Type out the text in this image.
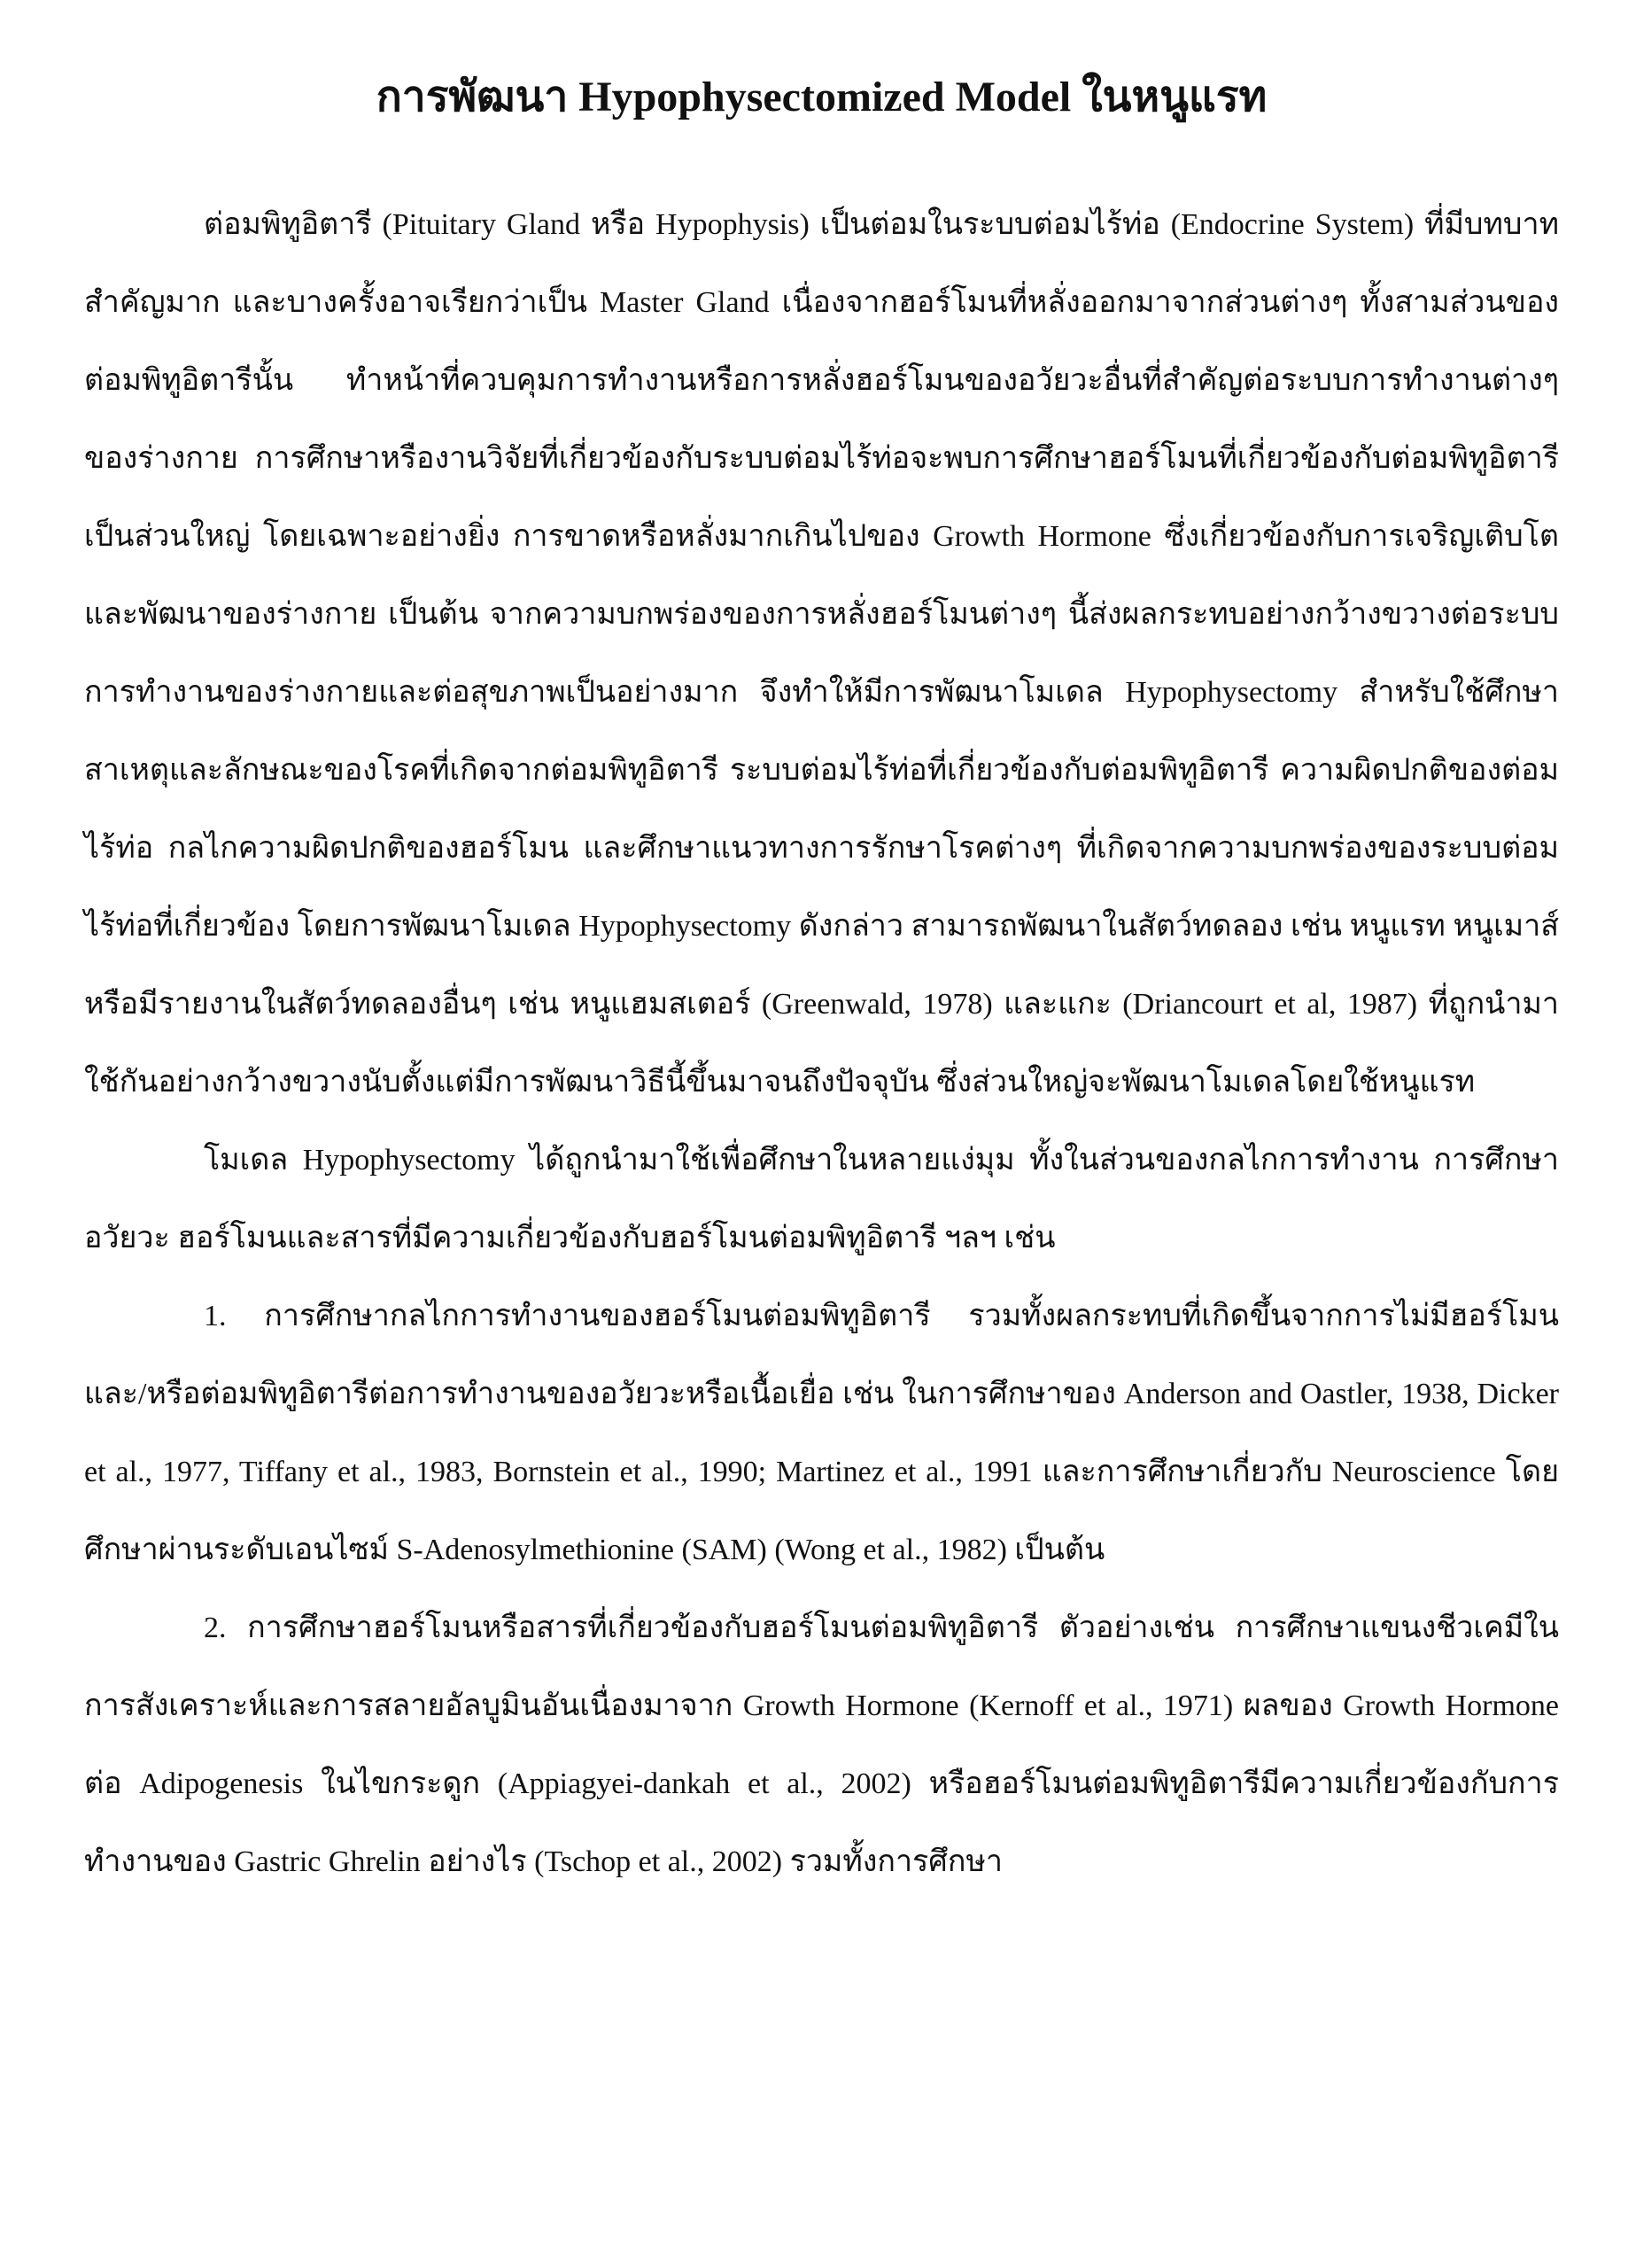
การพัฒนา Hypophysectomized Model ในหนูแรท

ต่อมพิทูอิตารี (Pituitary Gland หรือ Hypophysis) เป็นต่อมในระบบต่อมไร้ท่อ (Endocrine System) ที่มีบทบาทสำคัญมาก และบางครั้งอาจเรียกว่าเป็น Master Gland เนื่องจากฮอร์โมนที่หลั่งออกมาจากส่วนต่างๆ ทั้งสามส่วนของต่อมพิทูอิตารีนั้น ทำหน้าที่ควบคุมการทำงานหรือการหลั่งฮอร์โมนของอวัยวะอื่นที่สำคัญต่อระบบการทำงานต่างๆของร่างกาย การศึกษาหรืองานวิจัยที่เกี่ยวข้องกับระบบต่อมไร้ท่อจะพบการศึกษาฮอร์โมนที่เกี่ยวข้องกับต่อมพิทูอิตารีเป็นส่วนใหญ่ โดยเฉพาะอย่างยิ่ง การขาดหรือหลั่งมากเกินไปของ Growth Hormone ซึ่งเกี่ยวข้องกับการเจริญเติบโตและพัฒนาของร่างกาย เป็นต้น จากความบกพร่องของการหลั่งฮอร์โมนต่างๆ นี้ส่งผลกระทบอย่างกว้างขวางต่อระบบการทำงานของร่างกายและต่อสุขภาพเป็นอย่างมาก จึงทำให้มีการพัฒนาโมเดล Hypophysectomy สำหรับใช้ศึกษาสาเหตุและลักษณะของโรคที่เกิดจากต่อมพิทูอิตารี ระบบต่อมไร้ท่อที่เกี่ยวข้องกับต่อมพิทูอิตารี ความผิดปกติของต่อมไร้ท่อ กลไกความผิดปกติของฮอร์โมน และศึกษาแนวทางการรักษาโรคต่างๆ ที่เกิดจากความบกพร่องของระบบต่อมไร้ท่อที่เกี่ยวข้อง โดยการพัฒนาโมเดล Hypophysectomy ดังกล่าว สามารถพัฒนาในสัตว์ทดลอง เช่น หนูแรท หนูเมาส์ หรือมีรายงานในสัตว์ทดลองอื่นๆ เช่น หนูแฮมสเตอร์ (Greenwald, 1978) และแกะ (Driancourt et al, 1987) ที่ถูกนำมาใช้กันอย่างกว้างขวางนับตั้งแต่มีการพัฒนาวิธีนี้ขึ้นมาจนถึงปัจจุบัน ซึ่งส่วนใหญ่จะพัฒนาโมเดลโดยใช้หนูแรท

โมเดล Hypophysectomy ได้ถูกนำมาใช้เพื่อศึกษาในหลายแง่มุม ทั้งในส่วนของกลไกการทำงาน การศึกษาอวัยวะ ฮอร์โมนและสารที่มีความเกี่ยวข้องกับฮอร์โมนต่อมพิทูอิตารี ฯลฯ เช่น

1. การศึกษากลไกการทำงานของฮอร์โมนต่อมพิทูอิตารี รวมทั้งผลกระทบที่เกิดขึ้นจากการไม่มีฮอร์โมนและ/หรือต่อมพิทูอิตารีต่อการทำงานของอวัยวะหรือเนื้อเยื่อ เช่น ในการศึกษาของ Anderson and Oastler, 1938, Dicker et al., 1977, Tiffany et al., 1983, Bornstein et al., 1990; Martinez et al., 1991 และการศึกษาเกี่ยวกับ Neuroscience โดยศึกษาผ่านระดับเอนไซม์ S-Adenosylmethionine (SAM) (Wong et al., 1982) เป็นต้น

2. การศึกษาฮอร์โมนหรือสารที่เกี่ยวข้องกับฮอร์โมนต่อมพิทูอิตารี ตัวอย่างเช่น การศึกษาแขนงชีวเคมีในการสังเคราะห์และการสลายอัลบูมินอันเนื่องมาจาก Growth Hormone (Kernoff et al., 1971) ผลของ Growth Hormone ต่อ Adipogenesis ในไขกระดูก (Appiagyei-dankah et al., 2002) หรือฮอร์โมนต่อมพิทูอิตารีมีความเกี่ยวข้องกับการทำงานของ Gastric Ghrelin อย่างไร (Tschop et al., 2002) รวมทั้งการศึกษา
